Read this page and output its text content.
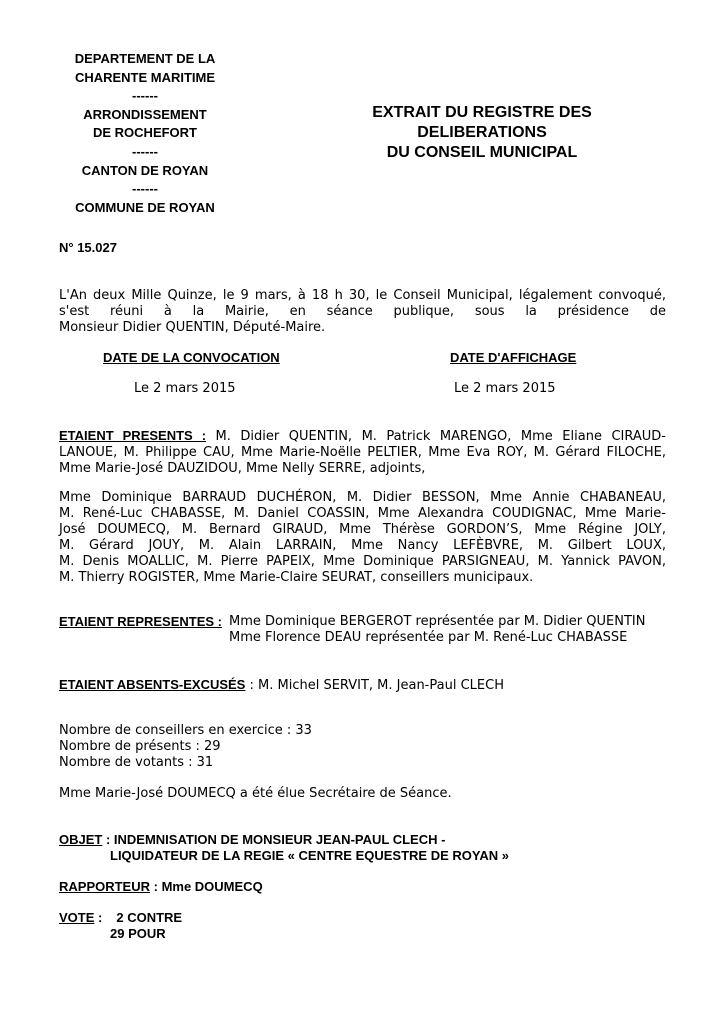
DEPARTEMENT DE LA
CHARENTE MARITIME
------
ARRONDISSEMENT
DE ROCHEFORT
------
CANTON DE ROYAN
------
COMMUNE DE ROYAN
EXTRAIT DU REGISTRE DES
DELIBERATIONS
DU CONSEIL MUNICIPAL
N° 15.027
L'An deux Mille Quinze, le 9 mars, à 18 h 30, le Conseil Municipal, légalement convoqué,
s'est réuni à la Mairie, en séance publique, sous la présidence de
Monsieur Didier QUENTIN, Député-Maire.
DATE DE LA CONVOCATION
Le 2 mars 2015
DATE D'AFFICHAGE
Le 2 mars 2015
ETAIENT PRESENTS : M. Didier QUENTIN, M. Patrick MARENGO, Mme Eliane CIRAUD-
LANOUE, M. Philippe CAU, Mme Marie-Noëlle PELTIER, Mme Eva ROY, M. Gérard FILOCHE,
Mme Marie-José DAUZIDOU, Mme Nelly SERRE, adjoints,
Mme Dominique BARRAUD DUCHÉRON, M. Didier BESSON, Mme Annie CHABANEAU,
M. René-Luc CHABASSE, M. Daniel COASSIN, Mme Alexandra COUDIGNAC, Mme Marie-
José DOUMECQ, M. Bernard GIRAUD, Mme Thérèse GORDON’S, Mme Régine JOLY,
M. Gérard JOUY, M. Alain LARRAIN, Mme Nancy LEFÈBVRE, M. Gilbert LOUX,
M. Denis MOALLIC, M. Pierre PAPEIX, Mme Dominique PARSIGNEAU, M. Yannick PAVON,
M. Thierry ROGISTER, Mme Marie-Claire SEURAT, conseillers municipaux.
ETAIENT REPRESENTES : Mme Dominique BERGEROT représentée par M. Didier QUENTIN
Mme Florence DEAU représentée par M. René-Luc CHABASSE
ETAIENT ABSENTS-EXCUSÉS : M. Michel SERVIT, M. Jean-Paul CLECH
Nombre de conseillers en exercice : 33
Nombre de présents : 29
Nombre de votants : 31
Mme Marie-José DOUMECQ a été élue Secrétaire de Séance.
OBJET : INDEMNISATION DE MONSIEUR JEAN-PAUL CLECH -
LIQUIDATEUR DE LA REGIE « CENTRE EQUESTRE DE ROYAN »
RAPPORTEUR : Mme DOUMECQ
VOTE : 2 CONTRE
29 POUR
